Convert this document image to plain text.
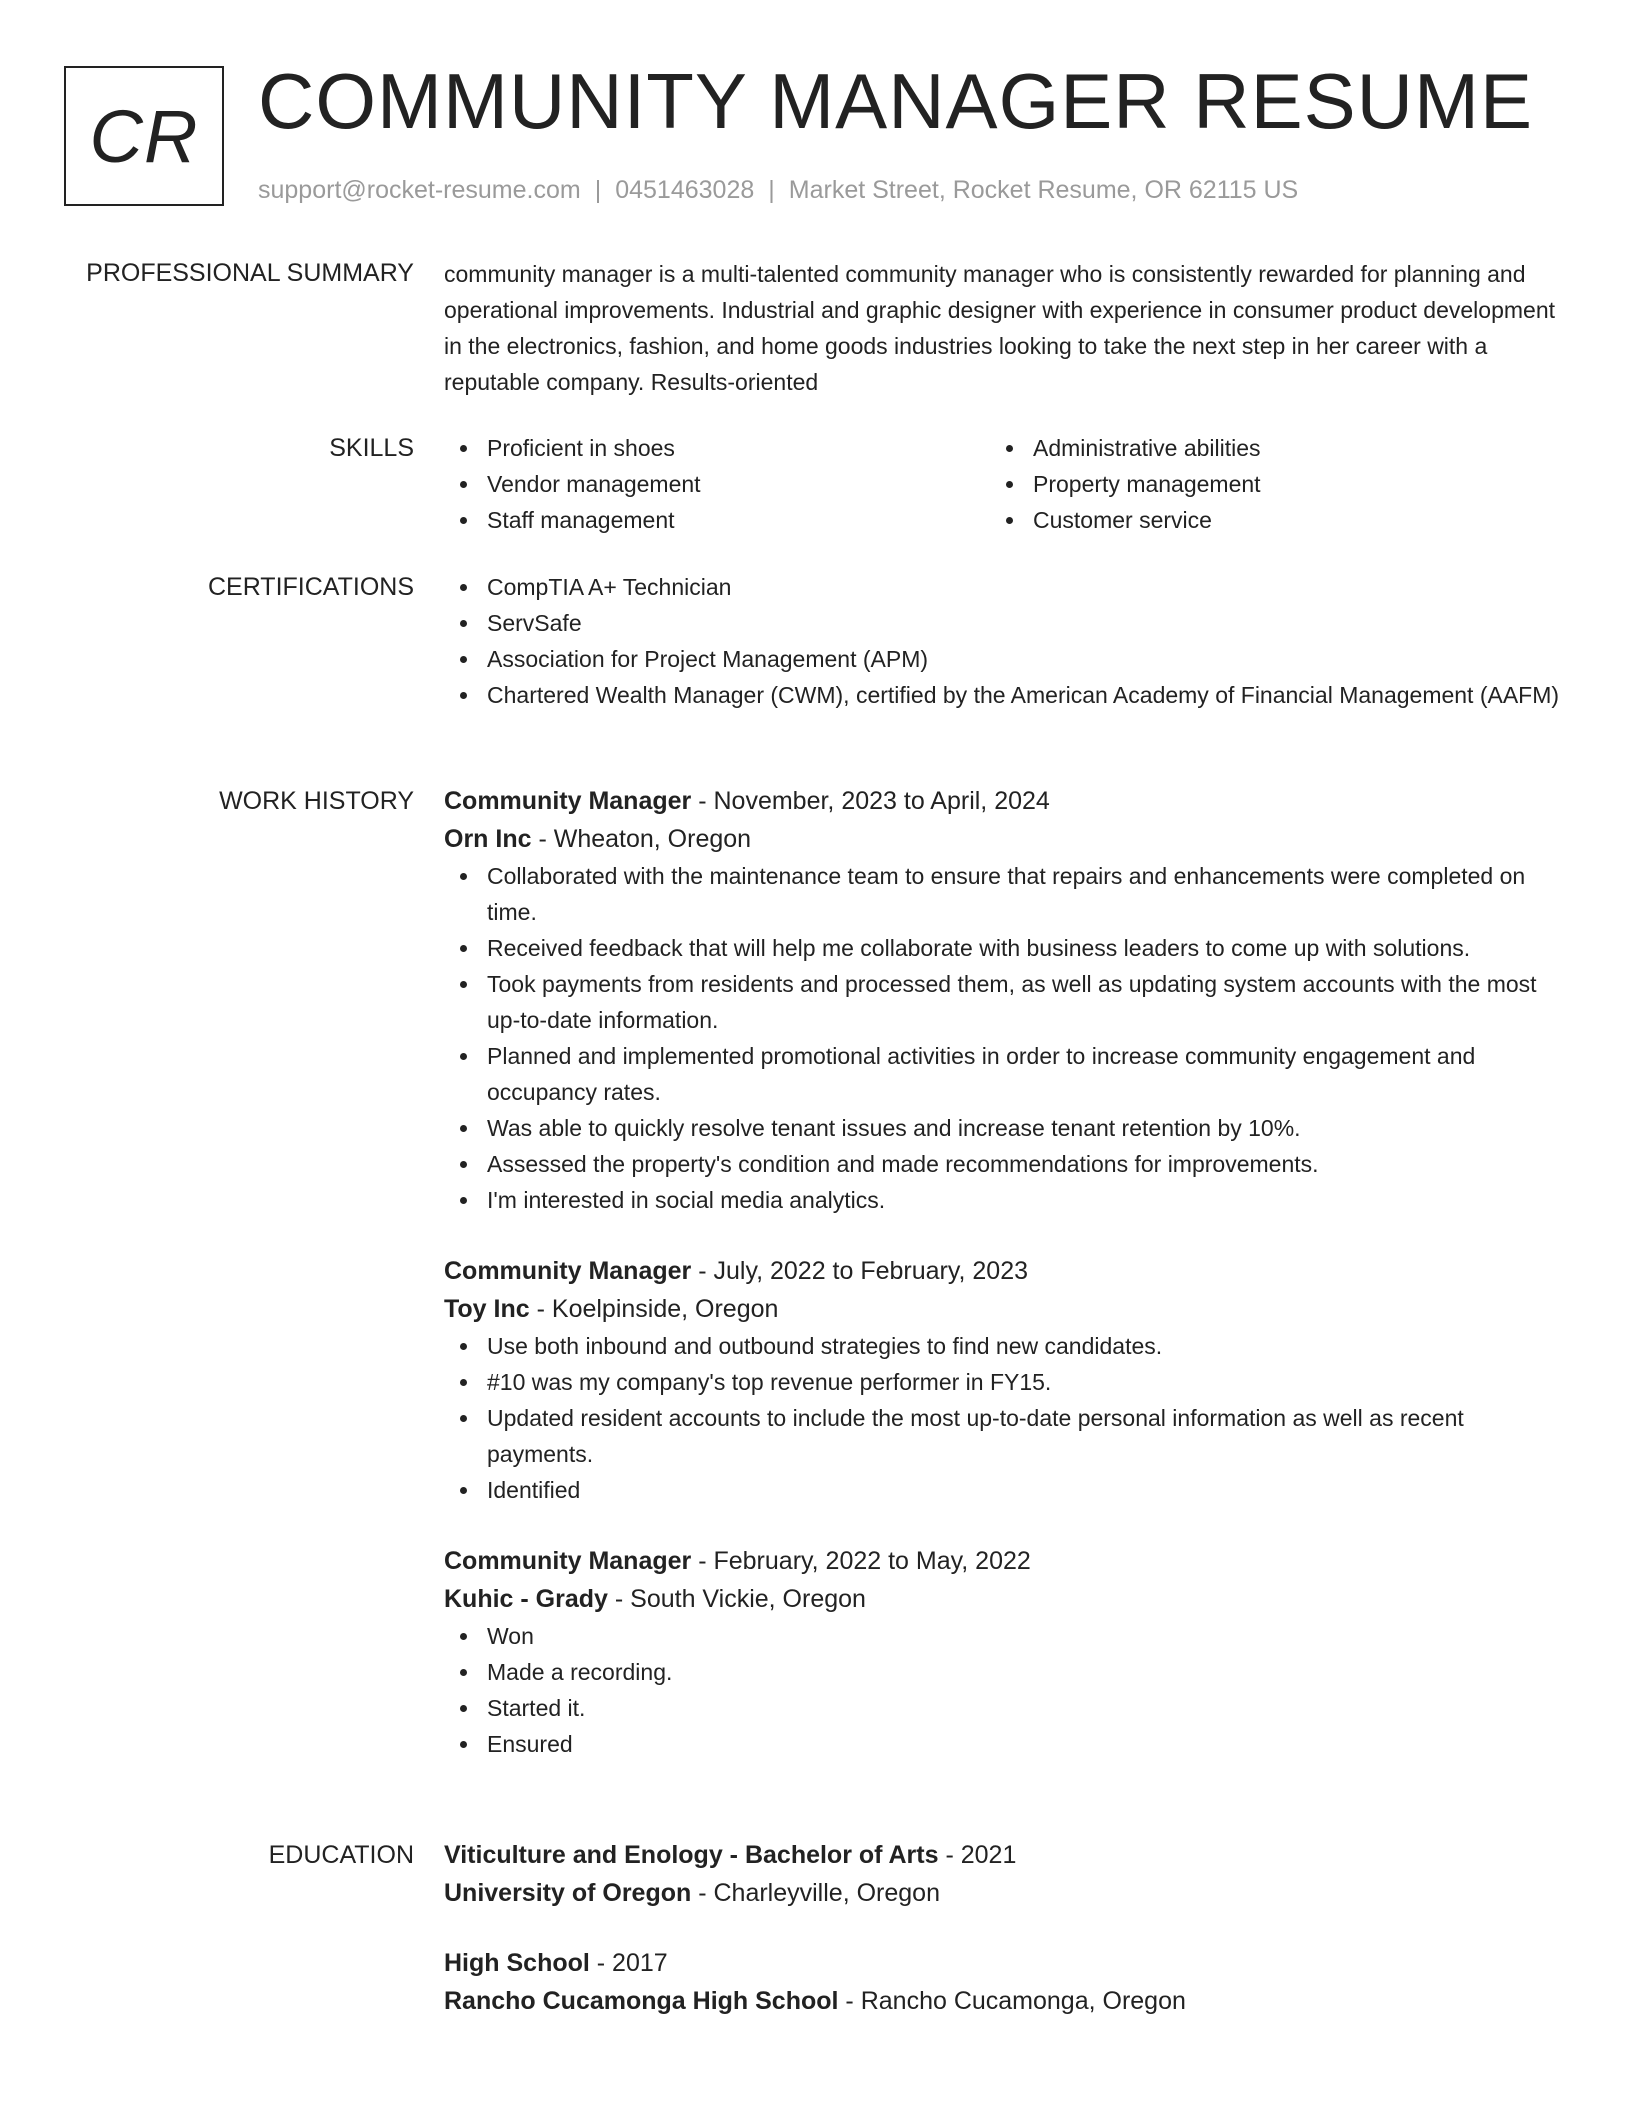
CR COMMUNITY MANAGER RESUME
support@rocket-resume.com | 0451463028 | Market Street, Rocket Resume, OR 62115 US
PROFESSIONAL SUMMARY community manager is a multi-talented community manager who is consistently rewarded for planning and operational improvements. Industrial and graphic designer with experience in consumer product development in the electronics, fashion, and home goods industries looking to take the next step in her career with a reputable company. Results-oriented
SKILLS	Proficient in shoes
Vendor management
Staff management
Administrative abilities
Property management
Customer service
CERTIFICATIONS	CompTIA A+ Technician
ServSafe
Association for Project Management (APM)
Chartered Wealth Manager (CWM), certified by the American Academy of Financial Management (AAFM)
WORK HISTORY Community Manager - November, 2023 to April, 2024
Orn Inc - Wheaton, Oregon
Collaborated with the maintenance team to ensure that repairs and enhancements were completed on time.
Received feedback that will help me collaborate with business leaders to come up with solutions.
Took payments from residents and processed them, as well as updating system accounts with the most up-to-date information.
Planned and implemented promotional activities in order to increase community engagement and occupancy rates.
Was able to quickly resolve tenant issues and increase tenant retention by 10%.
Assessed the property's condition and made recommendations for improvements.
I'm interested in social media analytics.
Community Manager - July, 2022 to February, 2023
Toy Inc - Koelpinside, Oregon
Use both inbound and outbound strategies to find new candidates.
#10 was my company's top revenue performer in FY15.
Updated resident accounts to include the most up-to-date personal information as well as recent payments.
Identified
Community Manager - February, 2022 to May, 2022
Kuhic - Grady - South Vickie, Oregon
Won
Made a recording.
Started it.
Ensured
EDUCATION Viticulture and Enology - Bachelor of Arts - 2021
University of Oregon - Charleyville, Oregon
High School - 2017
Rancho Cucamonga High School - Rancho Cucamonga, Oregon
